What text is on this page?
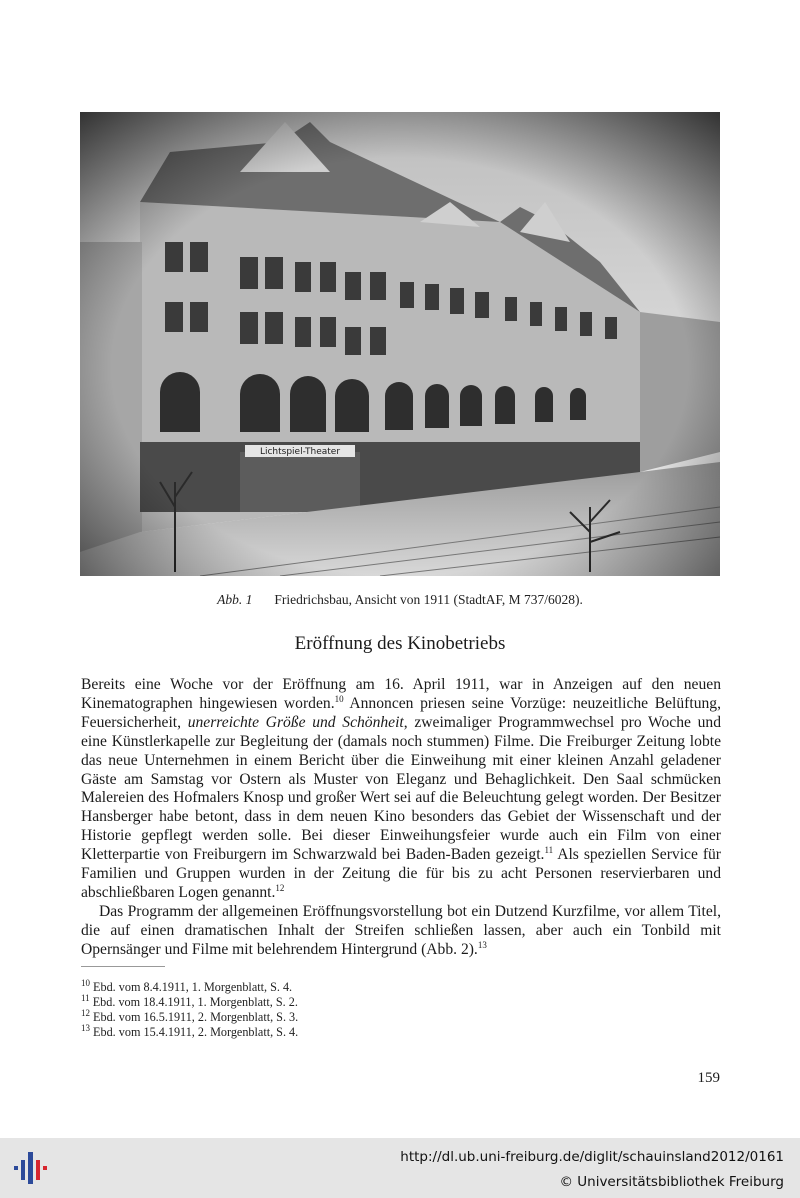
Abb. 1 Friedrichsbau, Ansicht von 1911 (StadtAF, M 737/6028).
Eröffnung des Kinobetriebs

Bereits eine Woche vor der Eröffnung am 16. April 1911, war in Anzeigen auf den neuen Kinematographen hingewiesen worden.$^{10}$ Annoncen priesen seine Vorzüge: neuzeitliche Belüftung, Feuersicherheit, unerreichte Größe und Schönheit, zweimaliger Programmwechsel pro Woche und eine Künstlerkapelle zur Begleitung der (damals noch stummen) Filme. Die Freiburger Zeitung lobte das neue Unternehmen in einem Bericht über die Einweihung mit einer kleinen Anzahl geladener Gäste am Samstag vor Ostern als Muster von Eleganz und Behaglichkeit. Den Saal schmücken Malereien des Hofmalers Knosp und großer Wert sei auf die Beleuchtung gelegt worden. Der Besitzer Hansberger habe betont, dass in dem neuen Kino besonders das Gebiet der Wissenschaft und der Historie gepflegt werden solle. Bei dieser Einweihungsfeier wurde auch ein Film von einer Kletterpartie von Freiburgern im Schwarzwald bei Baden-Baden gezeigt.$^{11}$ Als speziellen Service für Familien und Gruppen wurden in der Zeitung die für bis zu acht Personen reservierbaren und abschließbaren Logen genannt.$^{12}$

Das Programm der allgemeinen Eröffnungsvorstellung bot ein Dutzend Kurzfilme, vor allem Titel, die auf einen dramatischen Inhalt der Streifen schließen lassen, aber auch ein Tonbild mit Opernsänger und Filme mit belehrendem Hintergrund (Abb. 2).$^{13}$

$^{10}$ Ebd. vom 8.4.1911, 1. Morgenblatt, S. 4.
$^{11}$ Ebd. vom 18.4.1911, 1. Morgenblatt, S. 2.
$^{12}$ Ebd. vom 16.5.1911, 2. Morgenblatt, S. 3.
$^{13}$ Ebd. vom 15.4.1911, 2. Morgenblatt, S. 4.
159
http://dl.ub.uni-freiburg.de/diglit/schauinsland2012/0161
© Universitätsbibliothek Freiburg
